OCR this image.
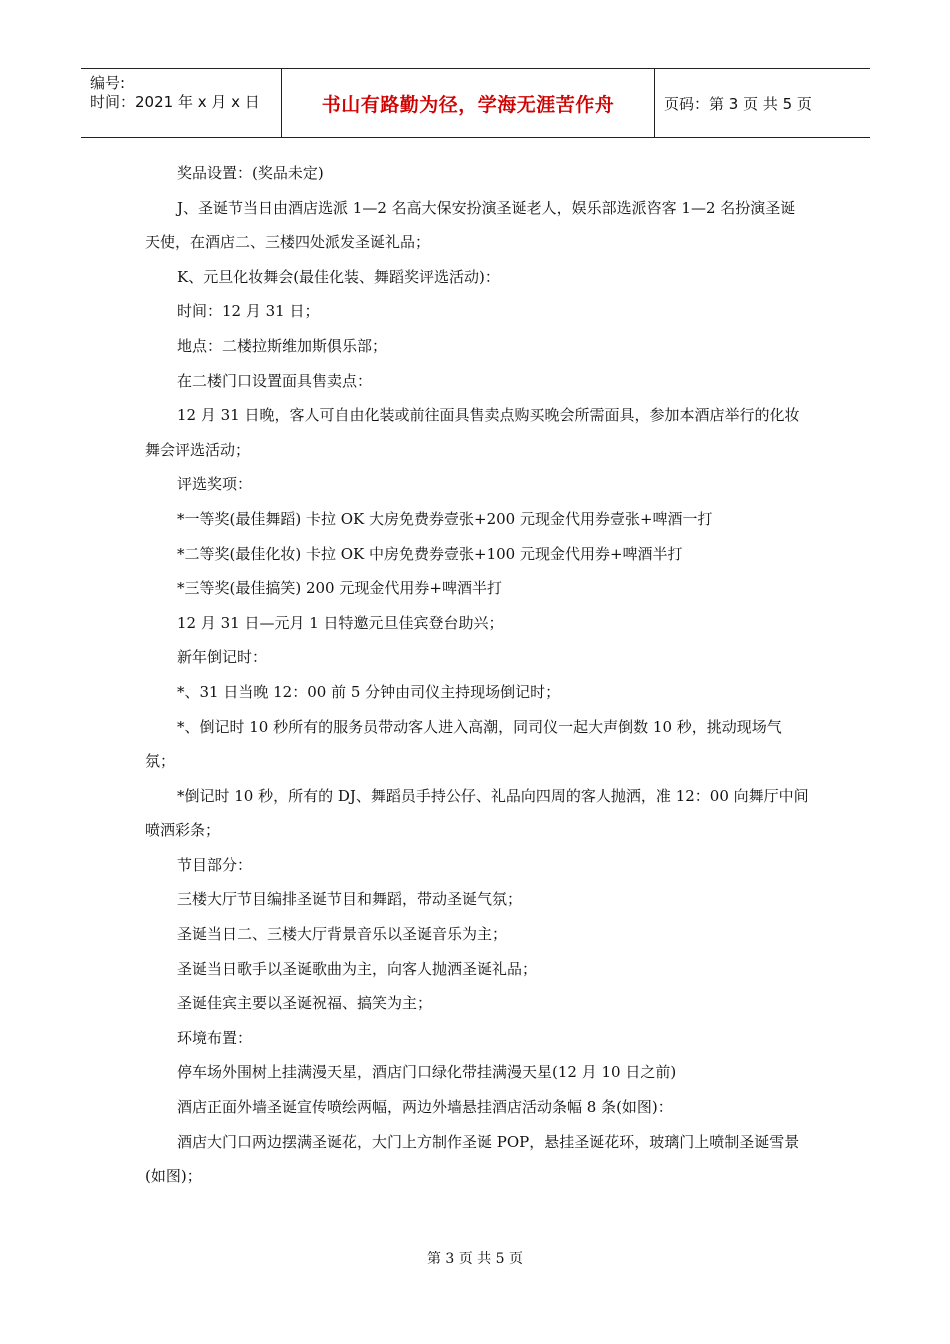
编号:
时间：2021 年 x 月 x 日	书山有路勤为径，学海无涯苦作舟	页码：第 3 页 共 5 页

奖品设置：(奖品未定)

J、圣诞节当日由酒店选派 1—2 名高大保安扮演圣诞老人，娱乐部选派咨客 1—2 名扮演圣诞天使，在酒店二、三楼四处派发圣诞礼品；

K、元旦化妆舞会(最佳化装、舞蹈奖评选活动)：

时间：12 月 31 日；

地点：二楼拉斯维加斯俱乐部；

在二楼门口设置面具售卖点：

12 月 31 日晚，客人可自由化装或前往面具售卖点购买晚会所需面具，参加本酒店举行的化妆舞会评选活动；

评选奖项：

*一等奖(最佳舞蹈) 卡拉 OK 大房免费券壹张+200 元现金代用券壹张+啤酒一打

*二等奖(最佳化妆) 卡拉 OK 中房免费券壹张+100 元现金代用券+啤酒半打

*三等奖(最佳搞笑) 200 元现金代用券+啤酒半打

12 月 31 日—元月 1 日特邀元旦佳宾登台助兴；

新年倒记时：

*、31 日当晚 12：00 前 5 分钟由司仪主持现场倒记时；

*、倒记时 10 秒所有的服务员带动客人进入高潮，同司仪一起大声倒数 10 秒，挑动现场气氛；

*倒记时 10 秒，所有的 DJ、舞蹈员手持公仔、礼品向四周的客人抛洒，准 12：00 向舞厅中间喷洒彩条；

节目部分：

三楼大厅节目编排圣诞节目和舞蹈，带动圣诞气氛；

圣诞当日二、三楼大厅背景音乐以圣诞音乐为主；

圣诞当日歌手以圣诞歌曲为主，向客人抛洒圣诞礼品；

圣诞佳宾主要以圣诞祝福、搞笑为主；

环境布置：

停车场外围树上挂满漫天星，酒店门口绿化带挂满漫天星(12 月 10 日之前)

酒店正面外墙圣诞宣传喷绘两幅，两边外墙悬挂酒店活动条幅 8 条(如图)：

酒店大门口两边摆满圣诞花，大门上方制作圣诞 POP，悬挂圣诞花环，玻璃门上喷制圣诞雪景(如图)；

第 3 页 共 5 页
